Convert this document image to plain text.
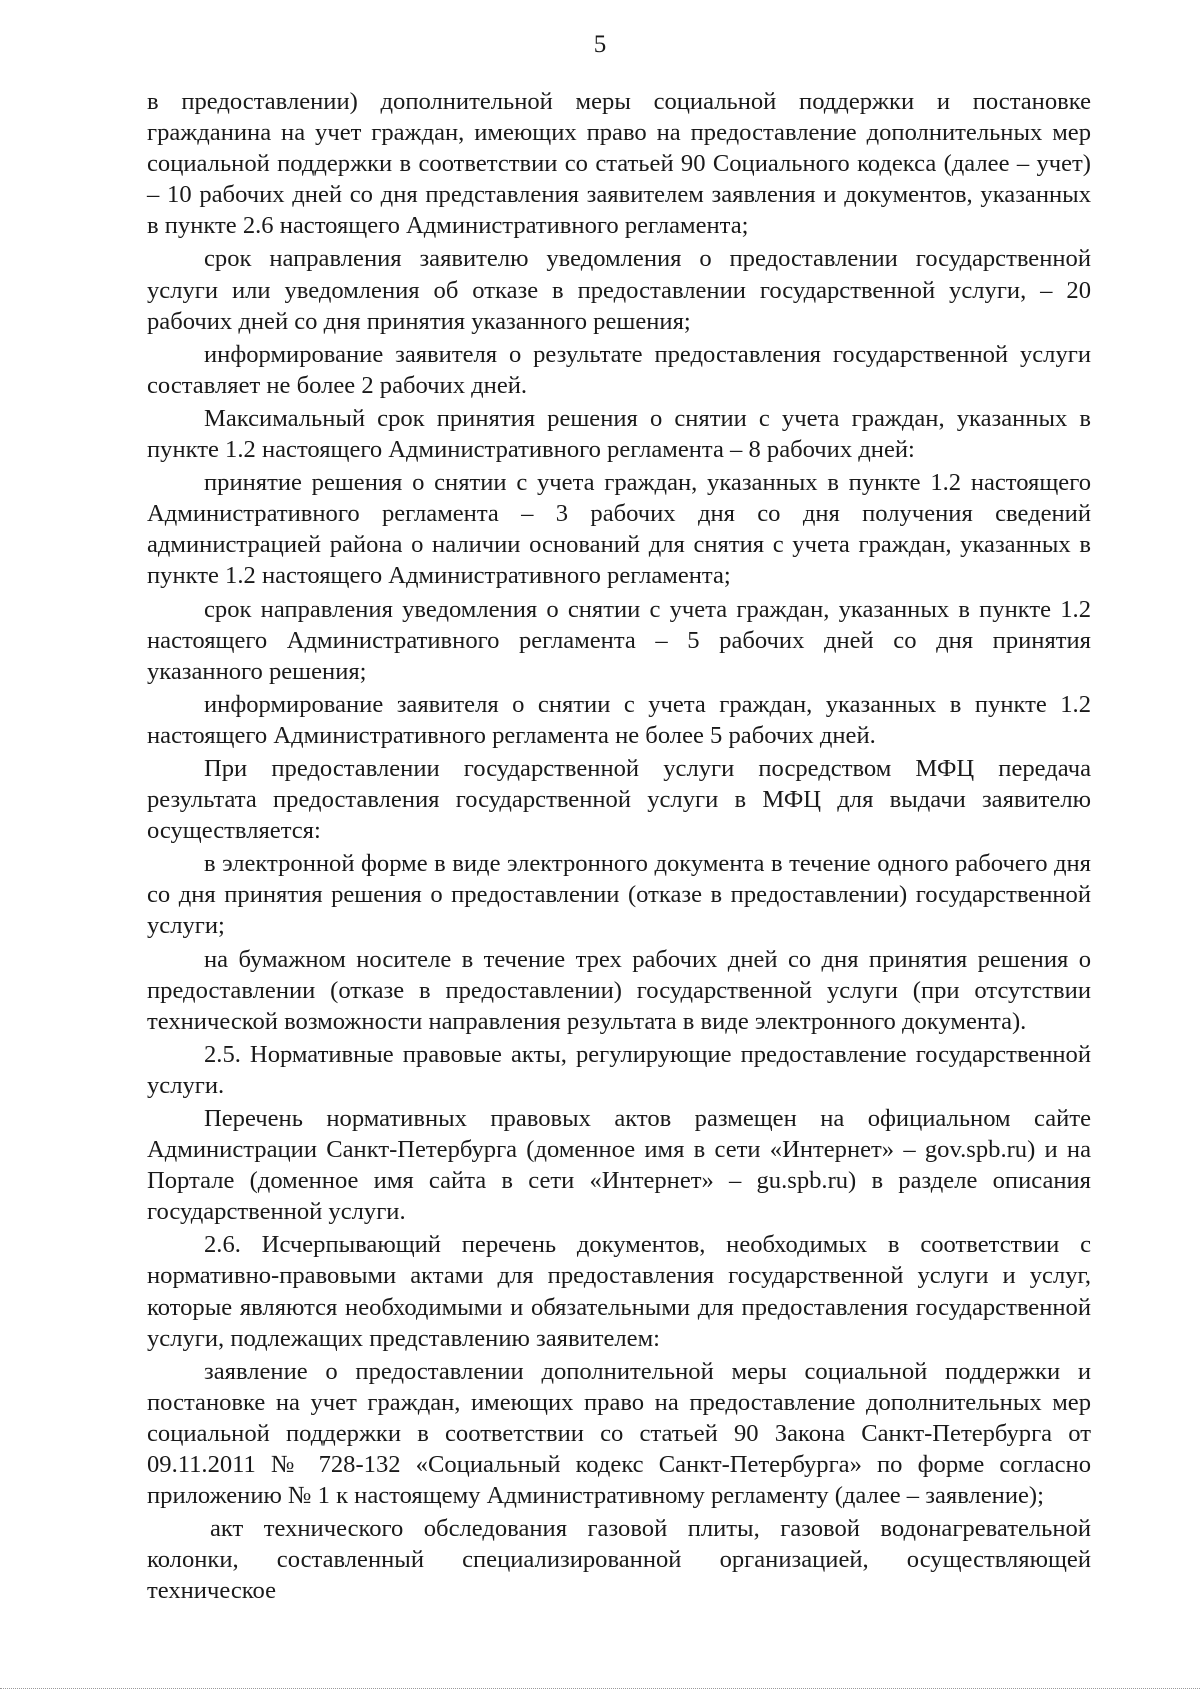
5

в предоставлении) дополнительной меры социальной поддержки и постановке гражданина на учет граждан, имеющих право на предоставление дополнительных мер социальной поддержки в соответствии со статьей 90 Социального кодекса (далее – учет) – 10 рабочих дней со дня представления заявителем заявления и документов, указанных в пункте 2.6 настоящего Административного регламента;

срок направления заявителю уведомления о предоставлении государственной услуги или уведомления об отказе в предоставлении государственной услуги, – 20 рабочих дней со дня принятия указанного решения;

информирование заявителя о результате предоставления государственной услуги составляет не более 2 рабочих дней.

Максимальный срок принятия решения о снятии с учета граждан, указанных в пункте 1.2 настоящего Административного регламента – 8 рабочих дней:

принятие решения о снятии с учета граждан, указанных в пункте 1.2 настоящего Административного регламента – 3 рабочих дня со дня получения сведений администрацией района о наличии оснований для снятия с учета граждан, указанных в пункте 1.2 настоящего Административного регламента;

срок направления уведомления о снятии с учета граждан, указанных в пункте 1.2 настоящего Административного регламента – 5 рабочих дней со дня принятия указанного решения;

информирование заявителя о снятии с учета граждан, указанных в пункте 1.2 настоящего Административного регламента не более 5 рабочих дней.

При предоставлении государственной услуги посредством МФЦ передача результата предоставления государственной услуги в МФЦ для выдачи заявителю осуществляется:

в электронной форме в виде электронного документа в течение одного рабочего дня со дня принятия решения о предоставлении (отказе в предоставлении) государственной услуги;

на бумажном носителе в течение трех рабочих дней со дня принятия решения о предоставлении (отказе в предоставлении) государственной услуги (при отсутствии технической возможности направления результата в виде электронного документа).

2.5. Нормативные правовые акты, регулирующие предоставление государственной услуги.

Перечень нормативных правовых актов размещен на официальном сайте Администрации Санкт-Петербурга (доменное имя в сети «Интернет» – gov.spb.ru) и на Портале (доменное имя сайта в сети «Интернет» – gu.spb.ru) в разделе описания государственной услуги.

2.6. Исчерпывающий перечень документов, необходимых в соответствии с нормативно-правовыми актами для предоставления государственной услуги и услуг, которые являются необходимыми и обязательными для предоставления государственной услуги, подлежащих представлению заявителем:

заявление о предоставлении дополнительной меры социальной поддержки и постановке на учет граждан, имеющих право на предоставление дополнительных мер социальной поддержки в соответствии со статьей 90 Закона Санкт-Петербурга от 09.11.2011 № 728-132 «Социальный кодекс Санкт-Петербурга» по форме согласно приложению № 1 к настоящему Административному регламенту (далее – заявление);

акт технического обследования газовой плиты, газовой водонагревательной колонки, составленный специализированной организацией, осуществляющей техническое
